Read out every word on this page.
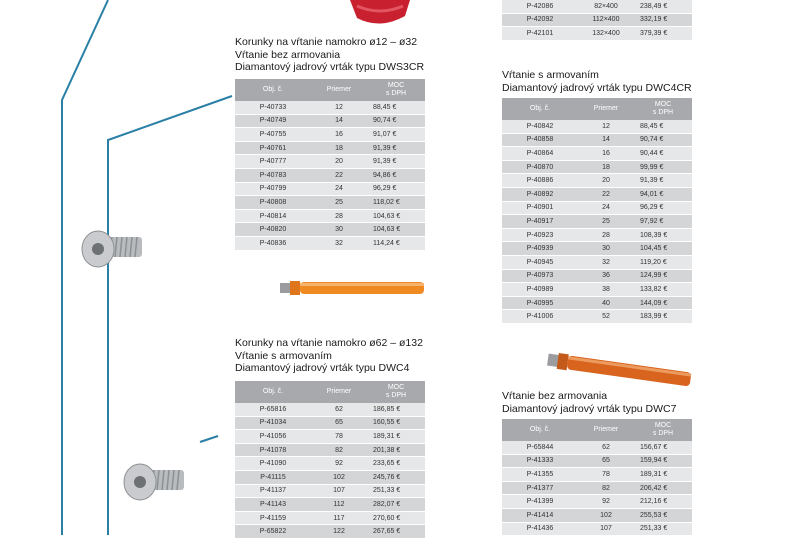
P-42086	82×400	238,49 €
P-42092	112×400	332,19 €
P-42101	132×400	379,39 €
Korunky na vŕtanie namokro ø12 – ø32
Vŕtanie bez armovania
Diamantový jadrový vrták typu DWS3CR
Obj. č.	Priemer	MOC
s DPH
P-40733	12	88,45 €
P-40749	14	90,74 €
P-40755	16	91,07 €
P-40761	18	91,39 €
P-40777	20	91,39 €
P-40783	22	94,86 €
P-40799	24	96,29 €
P-40808	25	118,02 €
P-40814	28	104,63 €
P-40820	30	104,63 €
P-40836	32	114,24 €
Vŕtanie s armovaním
Diamantový jadrový vrták typu DWC4CR
Obj. č.	Priemer	MOC
s DPH
P-40842	12	88,45 €
P-40858	14	90,74 €
P-40864	16	90,44 €
P-40870	18	99,99 €
P-40886	20	91,39 €
P-40892	22	94,01 €
P-40901	24	96,29 €
P-40917	25	97,92 €
P-40923	28	108,39 €
P-40939	30	104,45 €
P-40945	32	119,20 €
P-40973	36	124,99 €
P-40989	38	133,82 €
P-40995	40	144,09 €
P-41006	52	183,99 €
Korunky na vŕtanie namokro ø62 – ø132
Vŕtanie s armovaním
Diamantový jadrový vrták typu DWC4
Obj. č.	Priemer	MOC
s DPH
P-65816	62	186,85 €
P-41034	65	160,55 €
P-41056	78	189,31 €
P-41078	82	201,38 €
P-41090	92	233,65 €
P-41115	102	245,76 €
P-41137	107	251,33 €
P-41143	112	282,07 €
P-41159	117	270,60 €
P-65822	122	267,65 €
Vŕtanie bez armovania
Diamantový jadrový vrták typu DWC7
Obj. č.	Priemer	MOC
s DPH
P-65844	62	156,67 €
P-41333	65	159,94 €
P-41355	78	189,31 €
P-41377	82	206,42 €
P-41399	92	212,16 €
P-41414	102	255,53 €
P-41436	107	251,33 €
